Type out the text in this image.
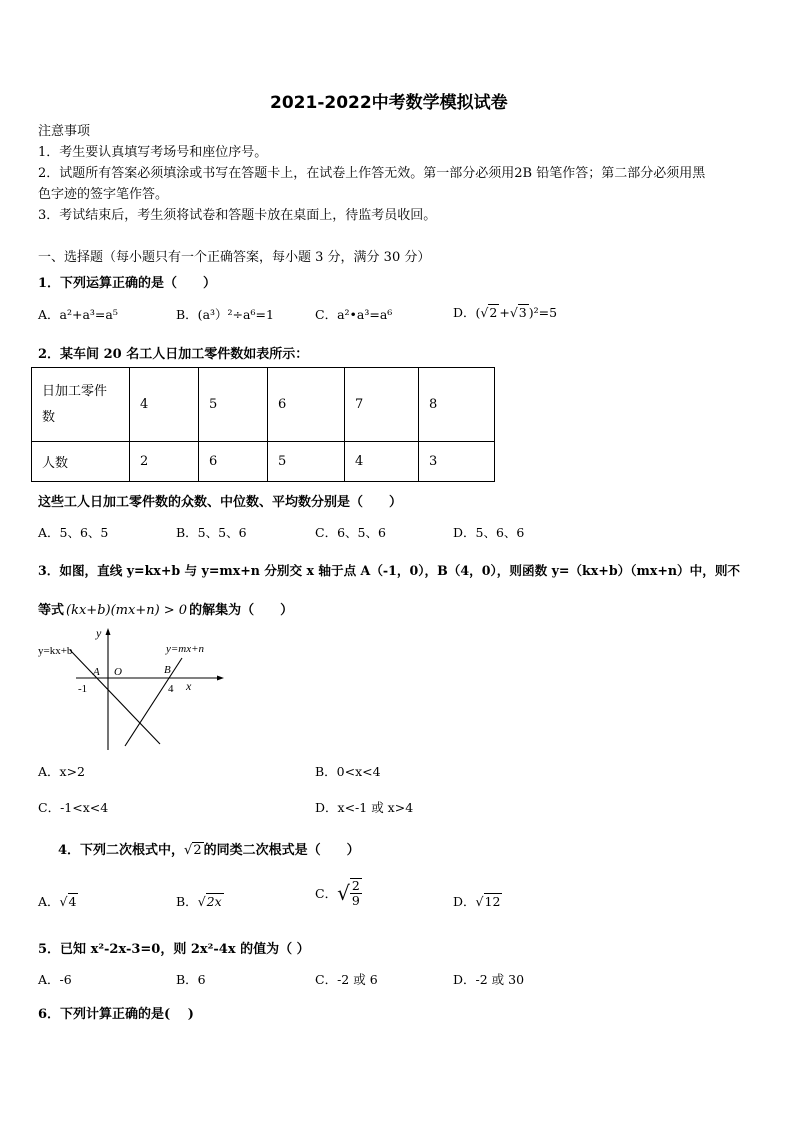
2021-2022中考数学模拟试卷
注意事项
1．考生要认真填写考场号和座位序号。
2．试题所有答案必须填涂或书写在答题卡上，在试卷上作答无效。第一部分必须用2B 铅笔作答；第二部分必须用黑
色字迹的签字笔作答。
3．考试结束后，考生须将试卷和答题卡放在桌面上，待监考员收回。
一、选择题（每小题只有一个正确答案，每小题 3 分，满分 30 分）
1．下列运算正确的是（　　）
A．a²+a³=a⁵	B．(a³）²÷a⁶=1	C．a²•a³=a⁶	D．(√2 +√3 )²=5
2．某车间 20 名工人日加工零件数如表所示：
日加工零件
数	4	5	6	7	8
人数	2	6	5	4	3
这些工人日加工零件数的众数、中位数、平均数分别是（　　）
A．5、6、5	B．5、5、6	C．6、5、6	D．5、6、6
3．如图，直线 y=kx+b 与 y=mx+n 分别交 x 轴于点 A（-1，0），B（4，0），则函数 y=（kx+b）（mx+n）中，则不
等式 (kx+b)(mx+n) > 0 的解集为（　　）
y
x
y=kx+b	y=mx+n
A O	B
-1	4
A．x>2	B．0<x<4
C．-1<x<4	D．x<-1 或 x>4
4．下列二次根式中，√2 的同类二次根式是（　　）
A．√4	B．√2x
C．√ $\frac{2}{9}$	D．√12
5．已知 x²-2x-3=0，则 2x²-4x 的值为（ ）
A．-6	B．6	C．-2 或 6	D．-2 或 30
6．下列计算正确的是(　 )
